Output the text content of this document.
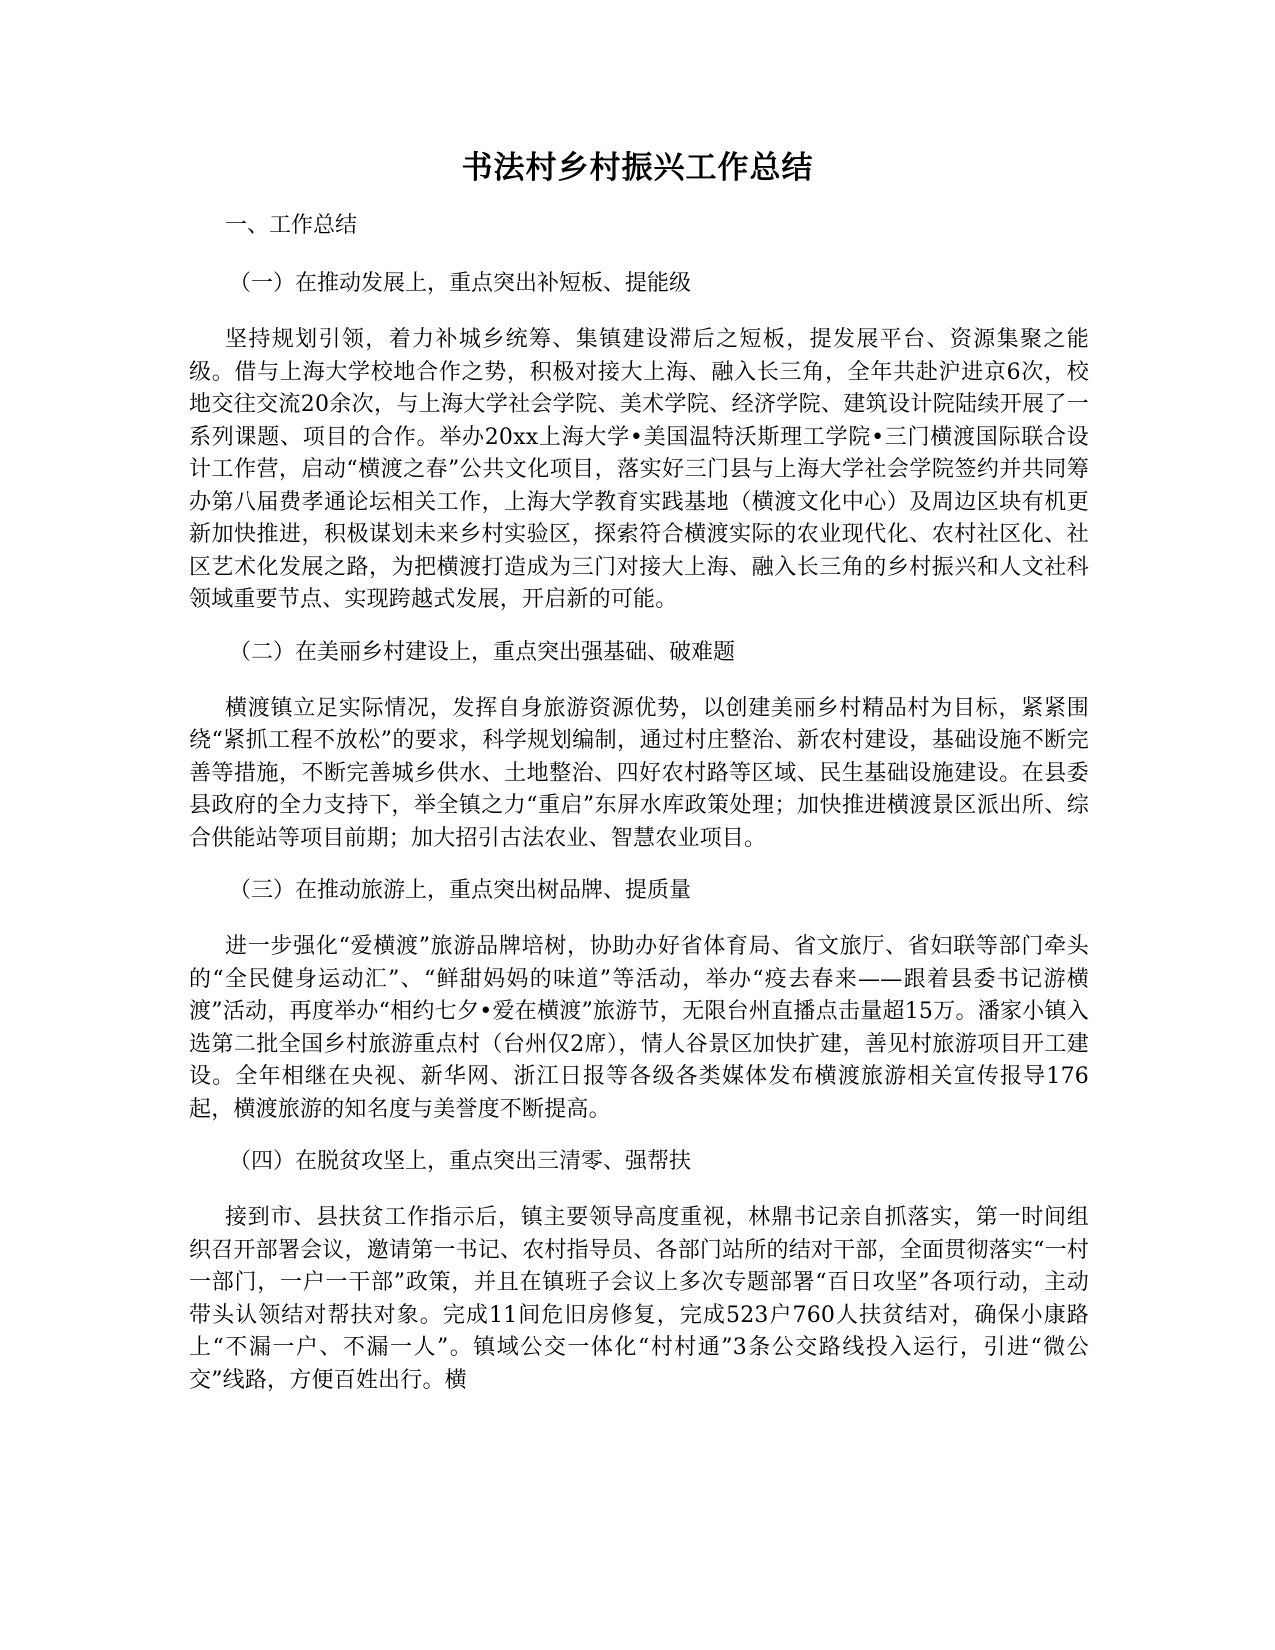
书法村乡村振兴工作总结

一、工作总结

（一）在推动发展上，重点突出补短板、提能级

坚持规划引领，着力补城乡统筹、集镇建设滞后之短板，提发展平台、资源集聚之能级。借与上海大学校地合作之势，积极对接大上海、融入长三角，全年共赴沪进京6次，校地交往交流20余次，与上海大学社会学院、美术学院、经济学院、建筑设计院陆续开展了一系列课题、项目的合作。举办20xx上海大学•美国温特沃斯理工学院•三门横渡国际联合设计工作营，启动“横渡之春”公共文化项目，落实好三门县与上海大学社会学院签约并共同筹办第八届费孝通论坛相关工作，上海大学教育实践基地（横渡文化中心）及周边区块有机更新加快推进，积极谋划未来乡村实验区，探索符合横渡实际的农业现代化、农村社区化、社区艺术化发展之路，为把横渡打造成为三门对接大上海、融入长三角的乡村振兴和人文社科领域重要节点、实现跨越式发展，开启新的可能。

（二）在美丽乡村建设上，重点突出强基础、破难题

横渡镇立足实际情况，发挥自身旅游资源优势，以创建美丽乡村精品村为目标，紧紧围绕“紧抓工程不放松”的要求，科学规划编制，通过村庄整治、新农村建设，基础设施不断完善等措施，不断完善城乡供水、土地整治、四好农村路等区域、民生基础设施建设。在县委县政府的全力支持下，举全镇之力“重启”东屏水库政策处理；加快推进横渡景区派出所、综合供能站等项目前期；加大招引古法农业、智慧农业项目。

（三）在推动旅游上，重点突出树品牌、提质量

进一步强化“爱横渡”旅游品牌培树，协助办好省体育局、省文旅厅、省妇联等部门牵头的“全民健身运动汇”、“鲜甜妈妈的味道”等活动，举办“疫去春来——跟着县委书记游横渡”活动，再度举办“相约七夕•爱在横渡”旅游节，无限台州直播点击量超15万。潘家小镇入选第二批全国乡村旅游重点村（台州仅2席），情人谷景区加快扩建，善见村旅游项目开工建设。全年相继在央视、新华网、浙江日报等各级各类媒体发布横渡旅游相关宣传报导176起，横渡旅游的知名度与美誉度不断提高。

（四）在脱贫攻坚上，重点突出三清零、强帮扶

接到市、县扶贫工作指示后，镇主要领导高度重视，林鼎书记亲自抓落实，第一时间组织召开部署会议，邀请第一书记、农村指导员、各部门站所的结对干部，全面贯彻落实“一村一部门，一户一干部”政策，并且在镇班子会议上多次专题部署“百日攻坚”各项行动，主动带头认领结对帮扶对象。完成11间危旧房修复，完成523户760人扶贫结对，确保小康路上“不漏一户、不漏一人”。镇域公交一体化“村村通”3条公交路线投入运行，引进“微公交”线路，方便百姓出行。横
